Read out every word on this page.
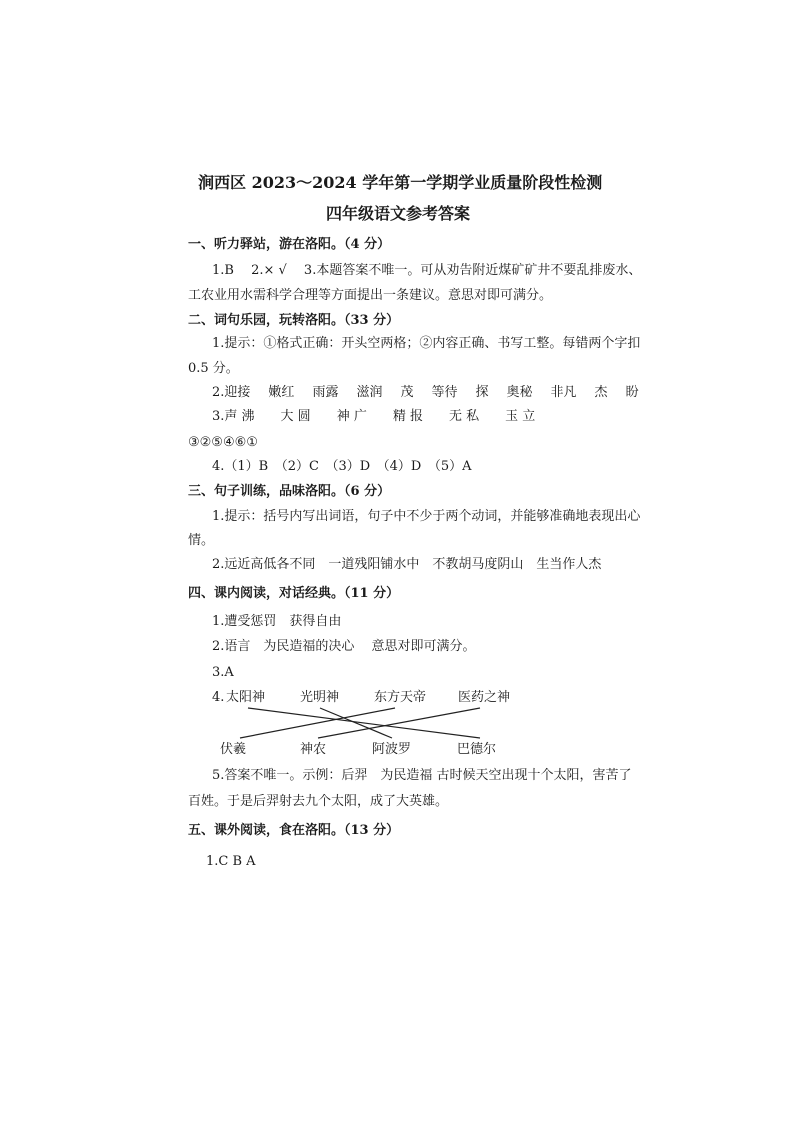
涧西区 2023～2024 学年第一学期学业质量阶段性检测
四年级语文参考答案
一、听力驿站，游在洛阳。（4 分）
1.B　 2.× √　 3.本题答案不唯一。可从劝告附近煤矿矿井不要乱排废水、
工农业用水需科学合理等方面提出一条建议。意思对即可满分。
二、词句乐园，玩转洛阳。（33 分）
1.提示：①格式正确：开头空两格；②内容正确、书写工整。每错两个字扣
0.5 分。
2.迎接 嫩红 雨露 滋润 茂 等待 探 奥秘 非凡 杰 盼
3.声 沸 大 圆 神 广 精 报 无 私 玉 立
③②⑤④⑥①
4.（1）B　（2）C　（3）D　（4）D　（5）A
三、句子训练，品味洛阳。（6 分）
1.提示：括号内写出词语，句子中不少于两个动词，并能够准确地表现出心
情。
2.远近高低各不同　一道残阳铺水中　不教胡马度阴山　生当作人杰
四、课内阅读，对话经典。（11 分）
1.遭受惩罚　获得自由
2.语言　为民造福的决心　 意思对即可满分。
3.A
4. 太阳神	光明神	东方天帝 医药之神
伏羲	神农	阿波罗	巴德尔
5.答案不唯一。示例：后羿　为民造福 古时候天空出现十个太阳，害苦了
百姓。于是后羿射去九个太阳，成了大英雄。
五、课外阅读，食在洛阳。（13 分）
1.C B A
